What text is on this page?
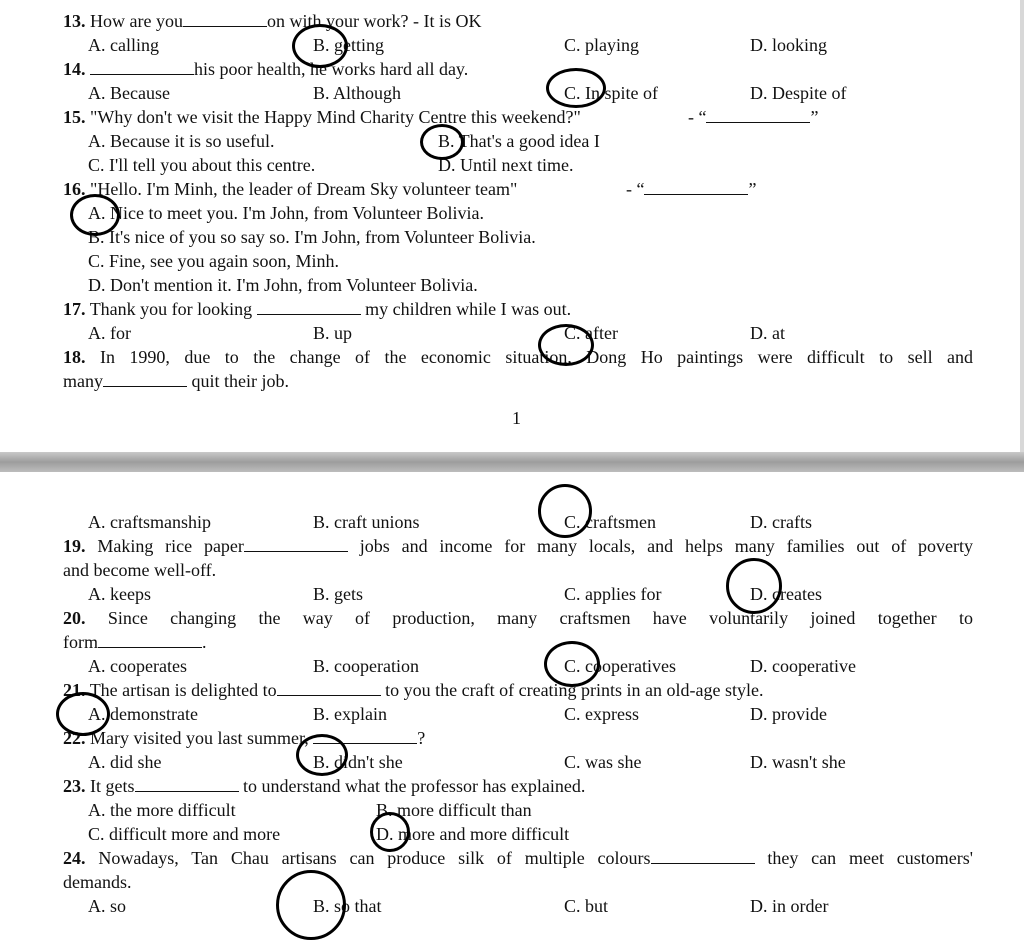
13. How are you	on with your work? - It is OK
A. calling	B. getting	C. playing	D. looking
14.	his poor health, he works hard all day.
A. Because	B. Although	C. In spite of	D. Despite of
15. "Why don't we visit the Happy Mind Charity Centre this weekend?"	- “	”
A. Because it is so useful.	B. That's a good idea I
C. I'll tell you about this centre.	D. Until next time.
16. "Hello. I'm Minh, the leader of Dream Sky volunteer team"	- “	”
A. Nice to meet you. I'm John, from Volunteer Bolivia.
B. It's nice of you so say so. I'm John, from Volunteer Bolivia.
C. Fine, see you again soon, Minh.
D. Don't mention it. I'm John, from Volunteer Bolivia.
17. Thank you for looking	my children while I was out.
A. for	B. up	C. after	D. at
18. In 1990, due to the change of the economic situation, Dong Ho paintings were difficult to sell and
many	quit their job.
1
A. craftsmanship	B. craft unions	C. craftsmen	D. crafts
19. Making rice paper	jobs and income for many locals, and helps many families out of poverty
and become well-off.
A. keeps	B. gets	C. applies for	D. creates
20. Since changing the way of production, many craftsmen have voluntarily joined together to
form	.
A. cooperates	B. cooperation	C. cooperatives	D. cooperative
21. The artisan is delighted to	to you the craft of creating prints in an old-age style.
A. demonstrate	B. explain	C. express	D. provide
22. Mary visited you last summer,	?
A. did she	B. didn't she	C. was she	D. wasn't she
23. It gets	to understand what the professor has explained.
A. the more difficult	B. more difficult than
C. difficult more and more	D. more and more difficult
24. Nowadays, Tan Chau artisans can produce silk of multiple colours	they can meet customers'
demands.
A. so	B. so that	C. but	D. in order
